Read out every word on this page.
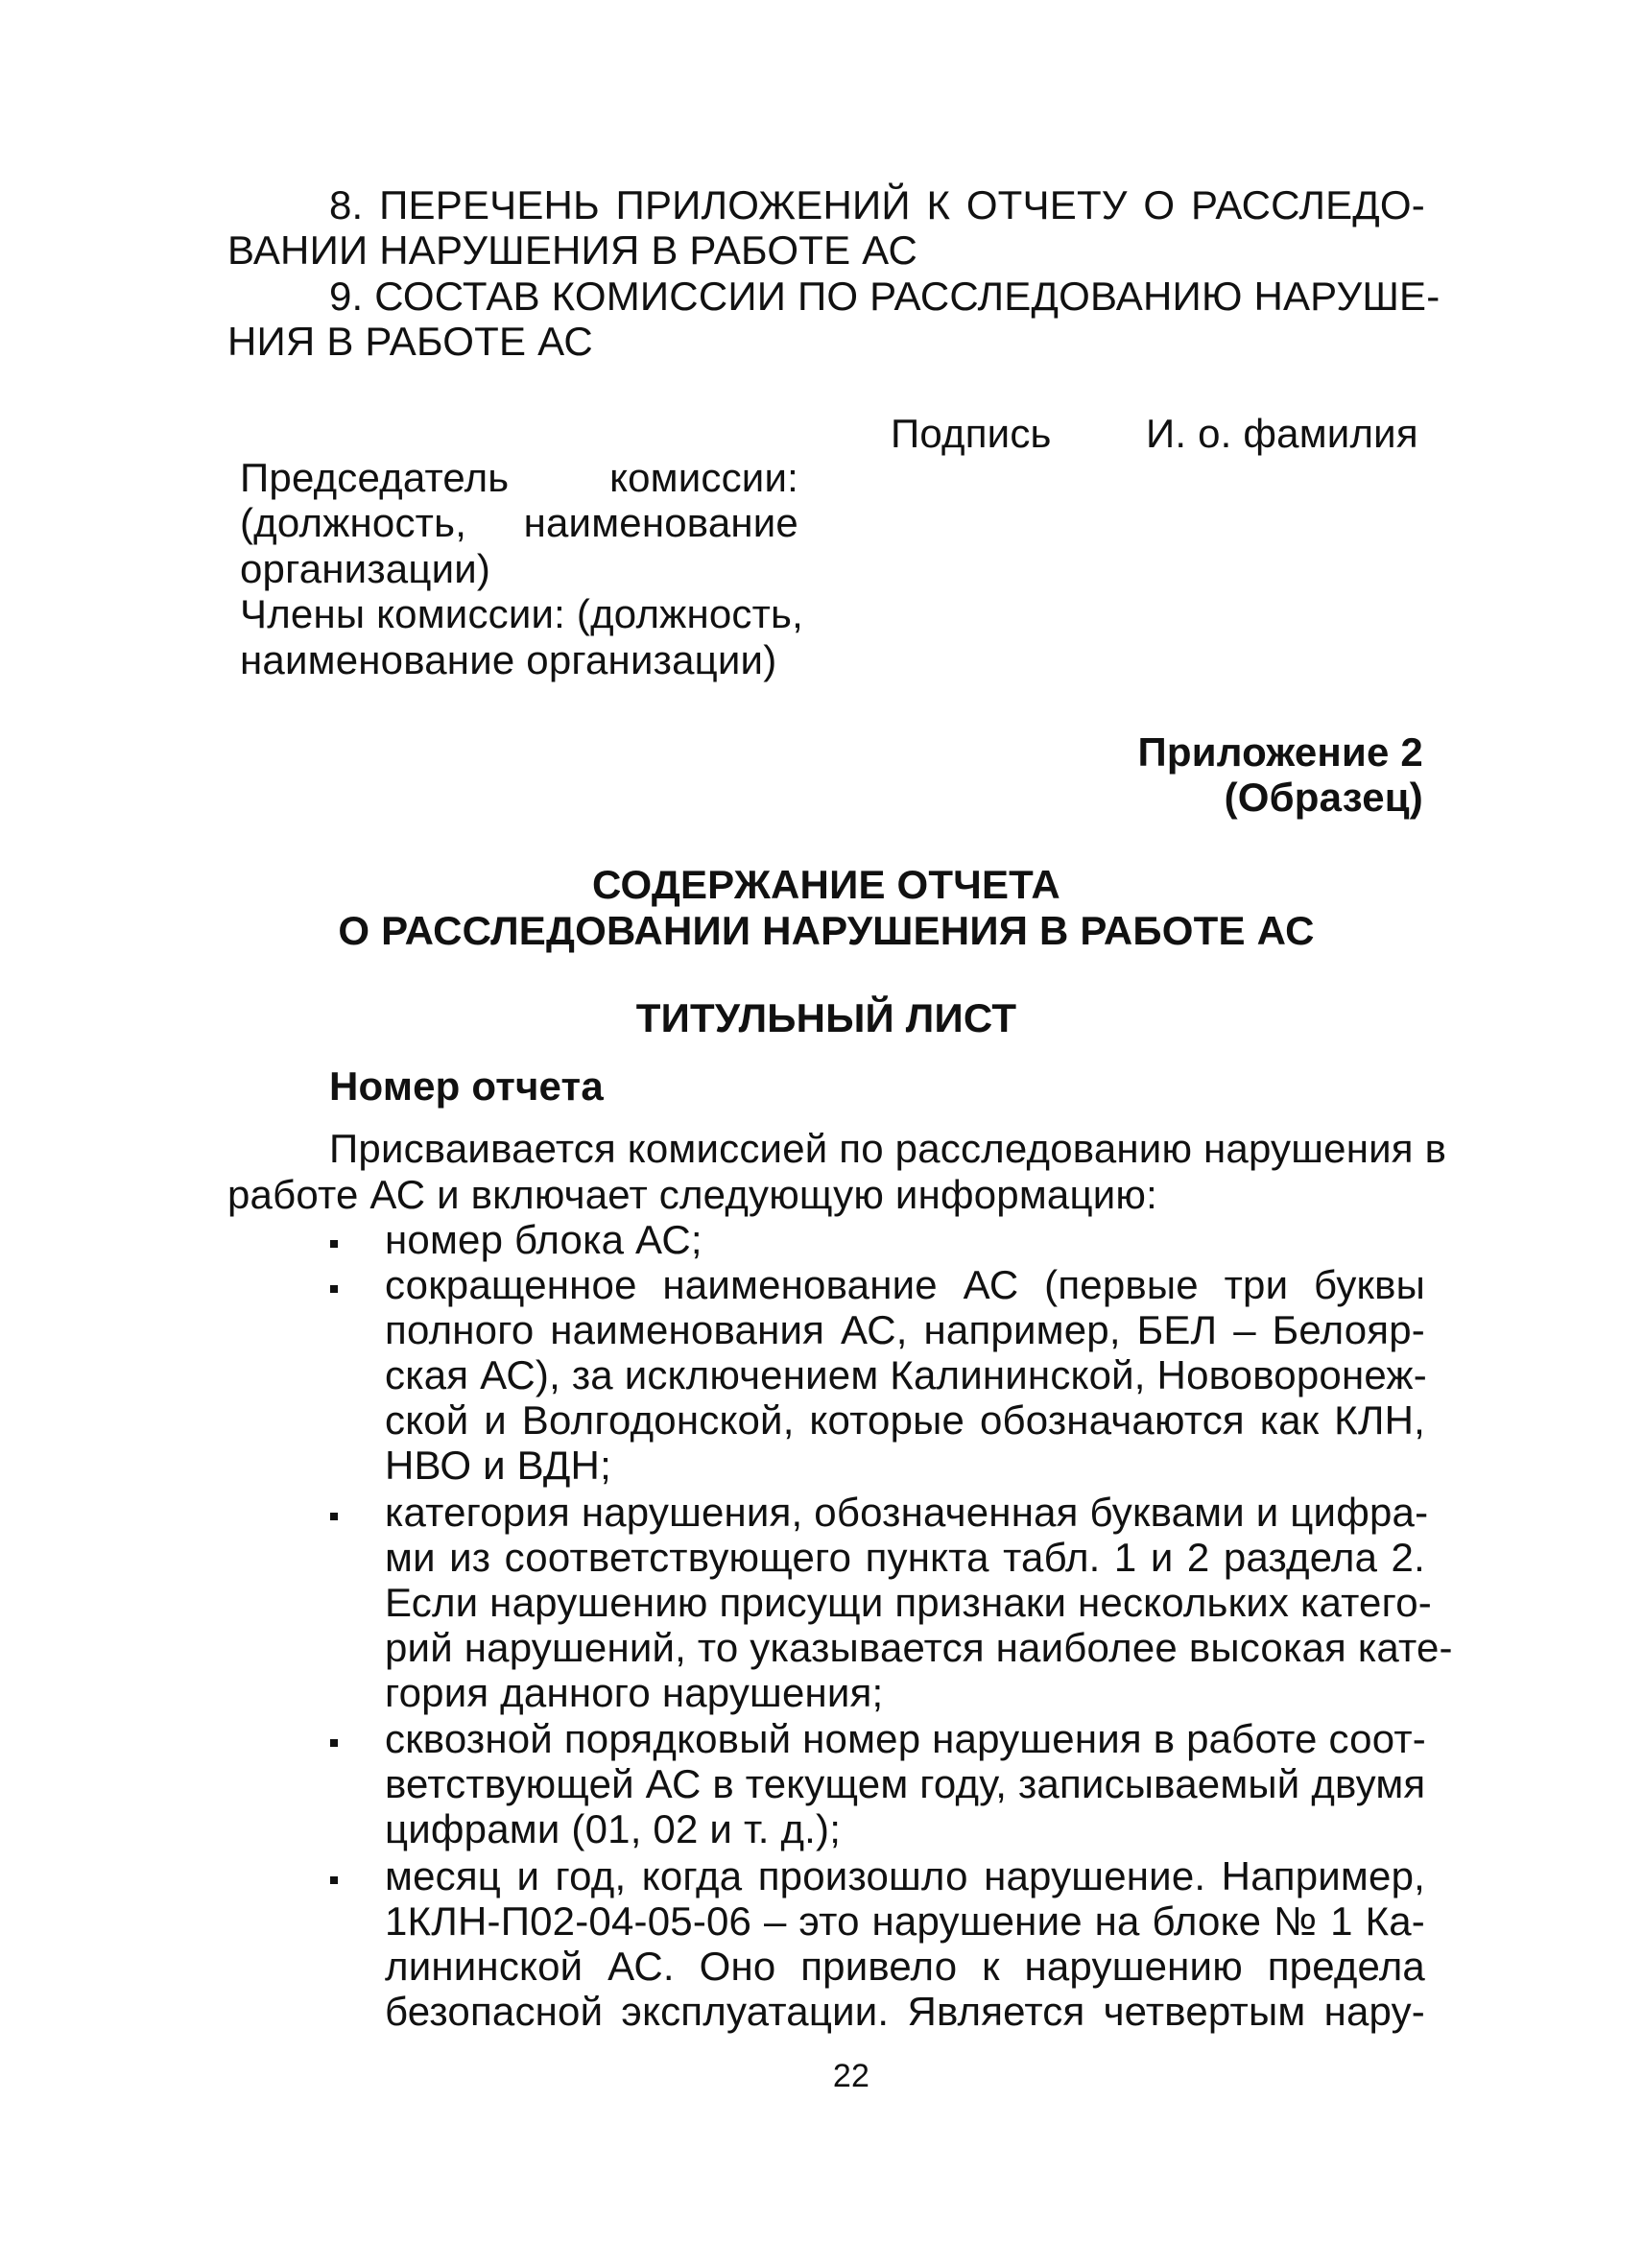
8. ПЕРЕЧЕНЬ ПРИЛОЖЕНИЙ К ОТЧЕТУ О РАССЛЕДО-
ВАНИИ НАРУШЕНИЯ В РАБОТЕ АС
9. СОСТАВ КОМИССИИ ПО РАССЛЕДОВАНИЮ НАРУШЕ-
НИЯ В РАБОТЕ АС
Подпись И. о. фамилия
Председатель комиссии:
(должность, наименование
организации)
Члены комиссии: (должность,
наименование организации)
Приложение 2
(Образец)
СОДЕРЖАНИЕ ОТЧЕТА
О РАССЛЕДОВАНИИ НАРУШЕНИЯ В РАБОТЕ АС
ТИТУЛЬНЫЙ ЛИСТ
Номер отчета
Присваивается комиссией по расследованию нарушения в
работе АС и включает следующую информацию:
номер блока АС;
сокращенное наименование АС (первые три буквы
полного наименования АС, например, БЕЛ – Белояр-
ская АС), за исключением Калининской, Нововоронеж-
ской и Волгодонской, которые обозначаются как КЛН,
НВО и ВДН;
категория нарушения, обозначенная буквами и цифра-
ми из соответствующего пункта табл. 1 и 2 раздела 2.
Если нарушению присущи признаки нескольких катего-
рий нарушений, то указывается наиболее высокая кате-
гория данного нарушения;
сквозной порядковый номер нарушения в работе соот-
ветствующей АС в текущем году, записываемый двумя
цифрами (01, 02 и т. д.);
месяц и год, когда произошло нарушение. Например,
1КЛН-П02-04-05-06 – это нарушение на блоке № 1 Ка-
лининской АС. Оно привело к нарушению предела
безопасной эксплуатации. Является четвертым нару-
22
